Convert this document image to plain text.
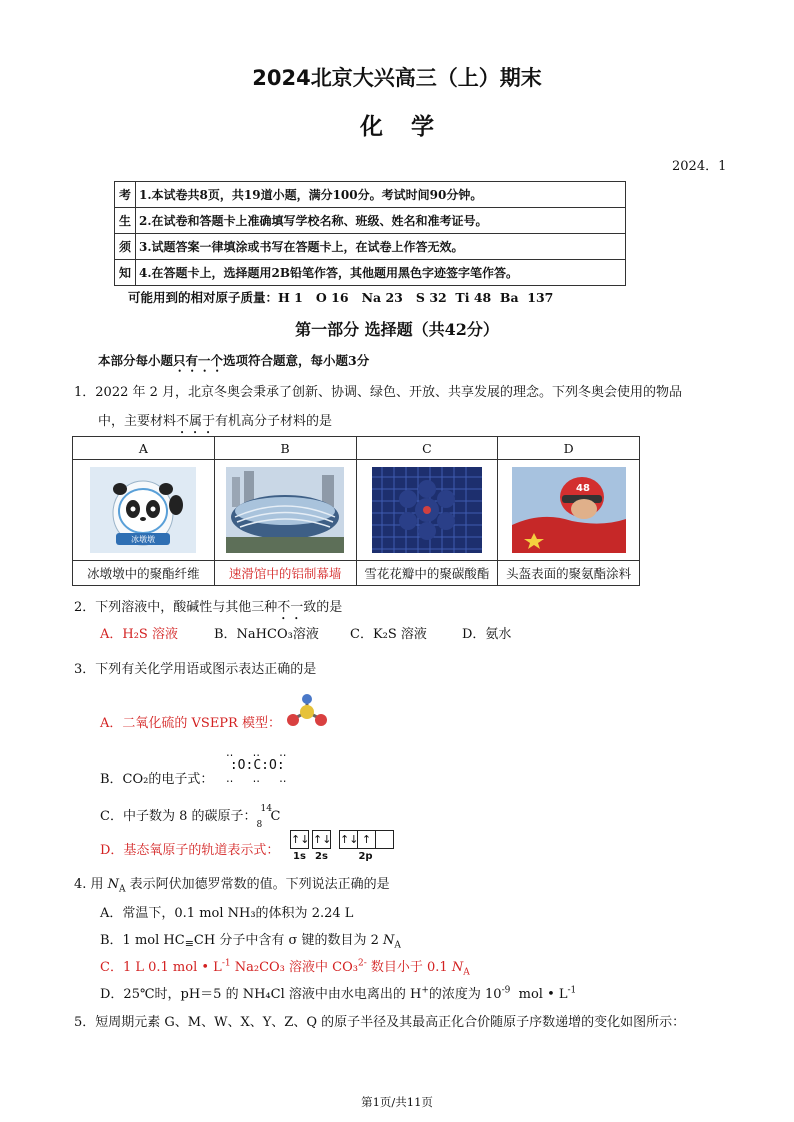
2024北京大兴高三（上）期末
化学
2024．1
考	1.本试卷共8页，共19道小题，满分100分。考试时间90分钟。
生	2.在试卷和答题卡上准确填写学校名称、班级、姓名和准考证号。
须	3.试题答案一律填涂或书写在答题卡上，在试卷上作答无效。
知	4.在答题卡上，选择题用2B铅笔作答，其他题用黑色字迹签字笔作答。
可能用到的相对原子质量：H 1   O 16   Na 23   S 32  Ti 48  Ba  137
第一部分 选择题（共42分）
本部分每小题只有一个选项符合题意，每小题3分
1．2022 年 2 月，北京冬奥会秉承了创新、协调、绿色、开放、共享发展的理念。下列冬奥会使用的物品
中，主要材料不属于有机高分子材料的是
A	B	C	D

冰墩墩			48

冰墩墩中的聚酯纤维	速滑馆中的铝制幕墙	雪花花瓣中的聚碳酸酯	头盔表面的聚氨酯涂料
2．下列溶液中，酸碱性与其他三种不一致的是
A．H₂S 溶液	B．NaHCO₃溶液 C．K₂S 溶液	D．氨水
3．下列有关化学用语或图示表达正确的是
A．二氧化硫的 VSEPR 模型：
B．CO₂的电子式：
‥  ‥  ‥
:O:C:O:
‥  ‥  ‥
C．中子数为 8 的碳原子：
14
8
C
D．基态氧原子的轨道表示式：
↑↓ ↑↓ ↑↓ ↑
1s 2s	2p
4. 用 $N_A$ 表示阿伏加德罗常数的值。下列说法正确的是
A．常温下，0.1 mol NH₃的体积为 2.24 L
B．1 mol HC≡CH 分子中含有 σ 键的数目为 2 $N_A$
C．1 L 0.1 mol • $L^{-1}$ Na₂CO₃ 溶液中 CO₃$^{2-}$ 数目小于 0.1 $N_A$
D．25℃时，pH＝5 的 NH₄Cl 溶液中由水电离出的 H+的浓度为 $10^{-9}$  mol • $L^{-1}$
5．短周期元素 G、M、W、X、Y、Z、Q 的原子半径及其最高正化合价随原子序数递增的变化如图所示：
第1页/共11页
